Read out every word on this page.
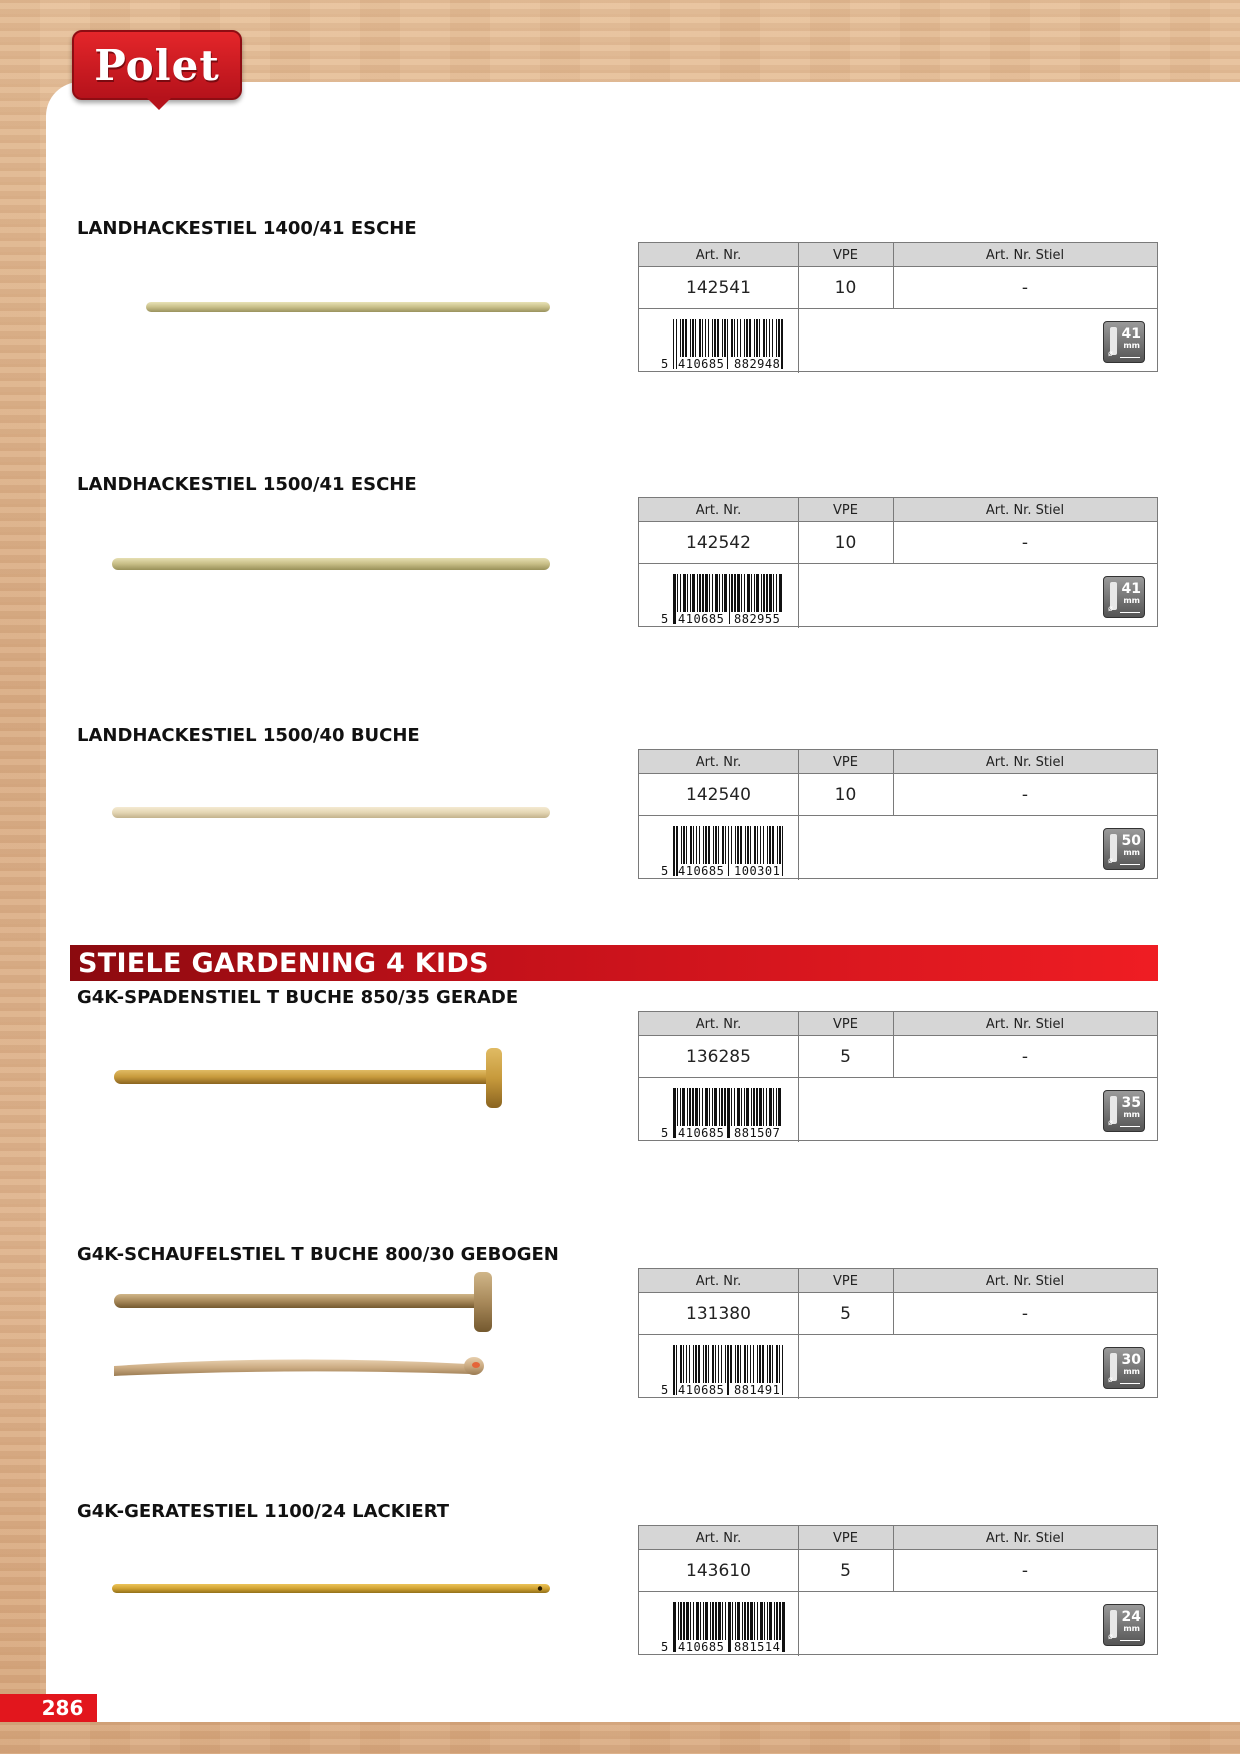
Polet
STIELE GARDENING 4 KIDS
286
LANDHACKESTIEL 1400/41 ESCHE
LANDHACKESTIEL 1500/41 ESCHE
LANDHACKESTIEL 1500/40 BUCHE
G4K-SPADENSTIEL T BUCHE 850/35 GERADE
G4K-SCHAUFELSTIEL T BUCHE 800/30 GEBOGEN
G4K-GERATESTIEL 1100/24 LACKIERT
Art. Nr.	VPE	Art. Nr. Stiel
142541	10	-
5 410685 882948
ø
41
mm
Art. Nr.	VPE	Art. Nr. Stiel
142542	10	-
5 410685 882955
ø
41
mm
Art. Nr.	VPE	Art. Nr. Stiel
142540	10	-
5 410685 100301
ø
50
mm
Art. Nr.	VPE	Art. Nr. Stiel
136285	5	-
5 410685 881507
ø
35
mm
Art. Nr.	VPE	Art. Nr. Stiel
131380	5	-
5 410685 881491
ø
30
mm
Art. Nr.	VPE	Art. Nr. Stiel
143610	5	-
5 410685 881514
ø
24
mm
